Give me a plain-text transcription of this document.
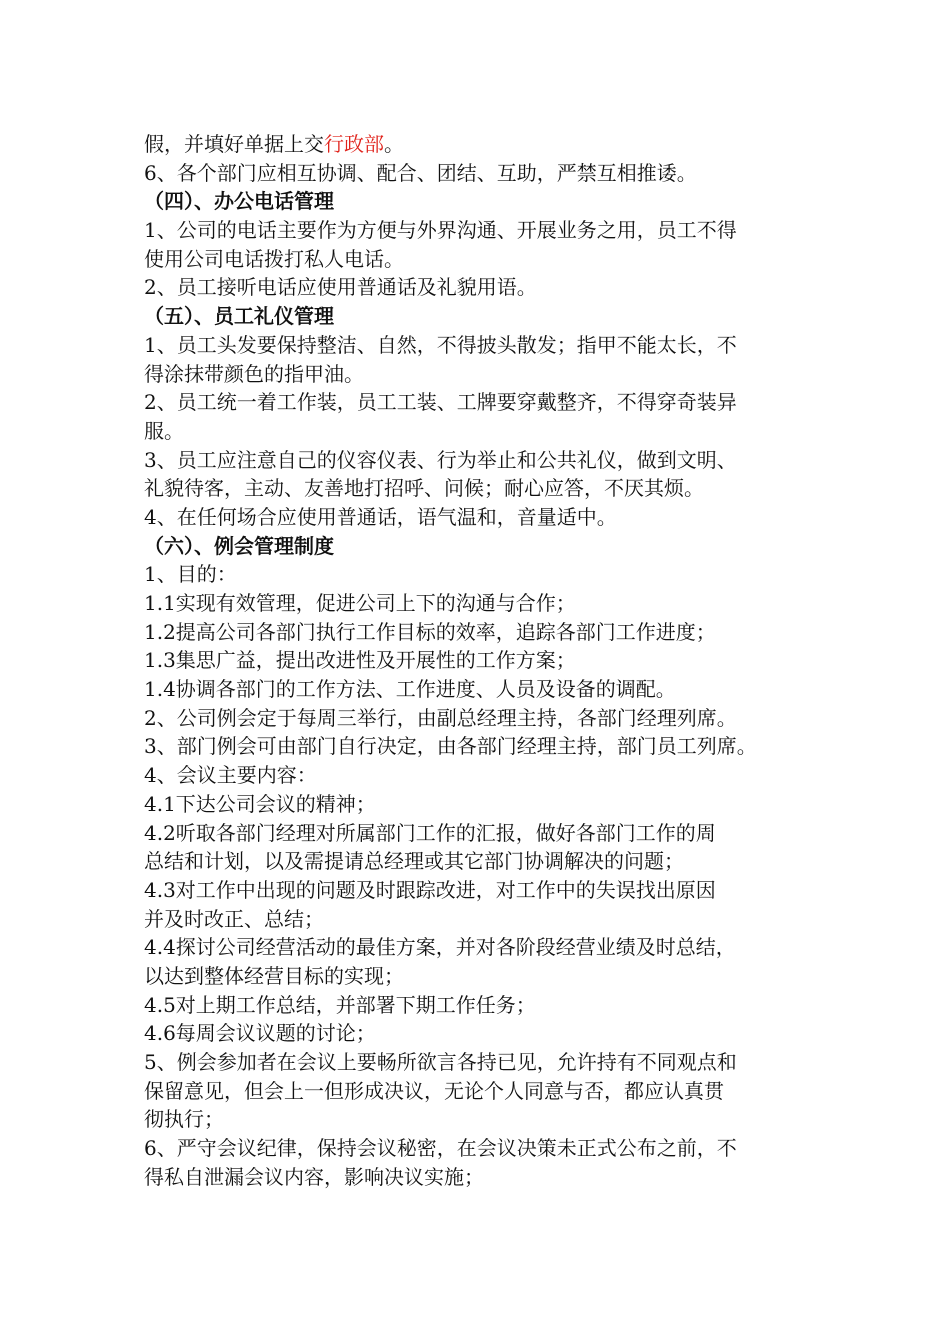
假，并填好单据上交行政部。
6、各个部门应相互协调、配合、团结、互助，严禁互相推诿。
（四）、办公电话管理
1、公司的电话主要作为方便与外界沟通、开展业务之用，员工不得
使用公司电话拨打私人电话。
2、员工接听电话应使用普通话及礼貌用语。
（五）、员工礼仪管理
1、员工头发要保持整洁、自然，不得披头散发；指甲不能太长，不
得涂抹带颜色的指甲油。
2、员工统一着工作装，员工工装、工牌要穿戴整齐，不得穿奇装异
服。
3、员工应注意自己的仪容仪表、行为举止和公共礼仪，做到文明、
礼貌待客，主动、友善地打招呼、问候；耐心应答，不厌其烦。
4、在任何场合应使用普通话，语气温和，音量适中。
（六）、例会管理制度
1、目的：
1.1实现有效管理，促进公司上下的沟通与合作；
1.2提高公司各部门执行工作目标的效率，追踪各部门工作进度；
1.3集思广益，提出改进性及开展性的工作方案；
1.4协调各部门的工作方法、工作进度、人员及设备的调配。
2、公司例会定于每周三举行，由副总经理主持，各部门经理列席。
3、部门例会可由部门自行决定，由各部门经理主持，部门员工列席。
4、会议主要内容：
4.1下达公司会议的精神；
4.2听取各部门经理对所属部门工作的汇报，做好各部门工作的周
总结和计划，以及需提请总经理或其它部门协调解决的问题；
4.3对工作中出现的问题及时跟踪改进，对工作中的失误找出原因
并及时改正、总结；
4.4探讨公司经营活动的最佳方案，并对各阶段经营业绩及时总结，
以达到整体经营目标的实现；
4.5对上期工作总结，并部署下期工作任务；
4.6每周会议议题的讨论；
5、例会参加者在会议上要畅所欲言各持已见，允许持有不同观点和
保留意见，但会上一但形成决议，无论个人同意与否，都应认真贯
彻执行；
6、严守会议纪律，保持会议秘密，在会议决策未正式公布之前，不
得私自泄漏会议内容，影响决议实施；
